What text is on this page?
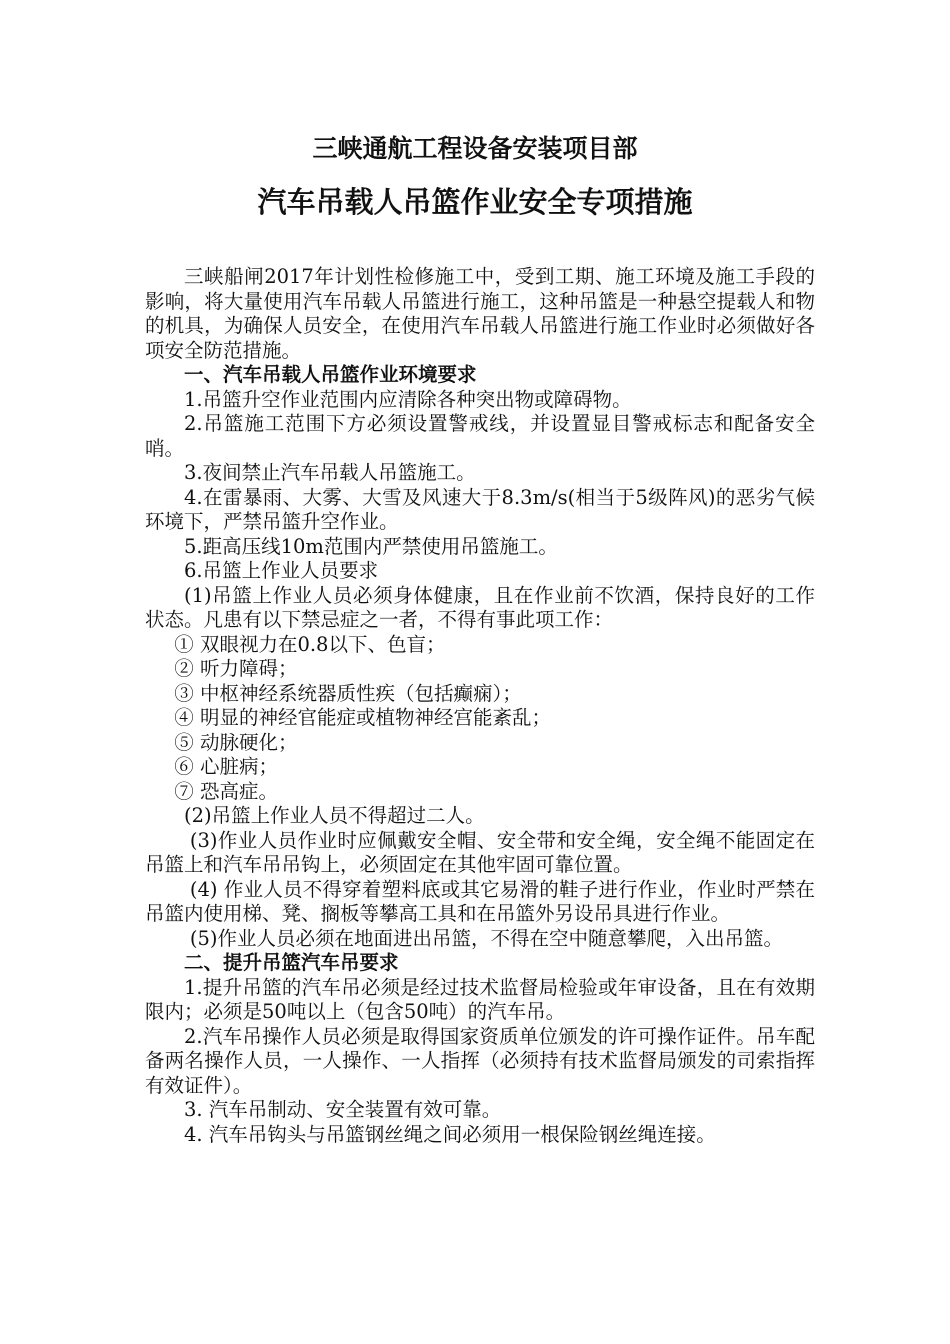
三峡通航工程设备安装项目部
汽车吊载人吊篮作业安全专项措施

三峡船闸2017年计划性检修施工中，受到工期、施工环境及施工手段的影响，将大量使用汽车吊载人吊篮进行施工，这种吊篮是一种悬空提载人和物的机具，为确保人员安全，在使用汽车吊载人吊篮进行施工作业时必须做好各项安全防范措施。

一、汽车吊载人吊篮作业环境要求

1.吊篮升空作业范围内应清除各种突出物或障碍物。

2.吊篮施工范围下方必须设置警戒线，并设置显目警戒标志和配备安全哨。

3.夜间禁止汽车吊载人吊篮施工。

4.在雷暴雨、大雾、大雪及风速大于8.3m/s(相当于5级阵风)的恶劣气候环境下，严禁吊篮升空作业。

5.距高压线10m范围内严禁使用吊篮施工。

6.吊篮上作业人员要求

(1)吊篮上作业人员必须身体健康，且在作业前不饮酒，保持良好的工作状态。凡患有以下禁忌症之一者，不得有事此项工作：

① 双眼视力在0.8以下、色盲；

② 听力障碍；

③ 中枢神经系统器质性疾（包括癫痫）；

④ 明显的神经官能症或植物神经宫能紊乱；

⑤ 动脉硬化；

⑥ 心脏病；

⑦ 恐高症。

(2)吊篮上作业人员不得超过二人。

(3)作业人员作业时应佩戴安全帽、安全带和安全绳，安全绳不能固定在吊篮上和汽车吊吊钩上，必须固定在其他牢固可靠位置。

(4) 作业人员不得穿着塑料底或其它易滑的鞋子进行作业，作业时严禁在吊篮内使用梯、凳、搁板等攀高工具和在吊篮外另设吊具进行作业。

(5)作业人员必须在地面进出吊篮，不得在空中随意攀爬，入出吊篮。

二、提升吊篮汽车吊要求

1.提升吊篮的汽车吊必须是经过技术监督局检验或年审设备，且在有效期限内；必须是50吨以上（包含50吨）的汽车吊。

2.汽车吊操作人员必须是取得国家资质单位颁发的许可操作证件。吊车配备两名操作人员，一人操作、一人指挥（必须持有技术监督局颁发的司索指挥有效证件）。

3. 汽车吊制动、安全装置有效可靠。

4. 汽车吊钩头与吊篮钢丝绳之间必须用一根保险钢丝绳连接。
